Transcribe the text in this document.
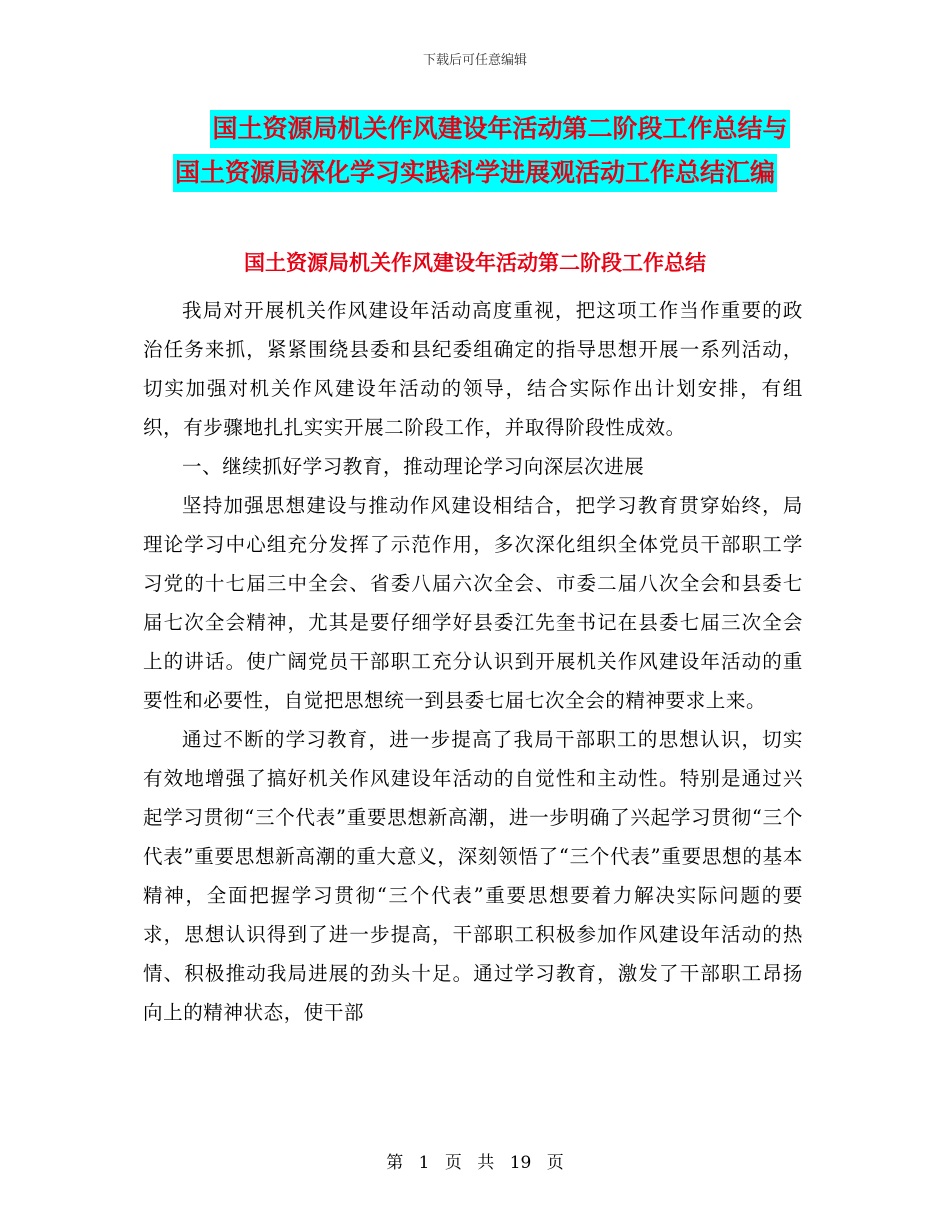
下载后可任意编辑
国土资源局机关作风建设年活动第二阶段工作总结与
国土资源局深化学习实践科学进展观活动工作总结汇编
国土资源局机关作风建设年活动第二阶段工作总结

我局对开展机关作风建设年活动高度重视，把这项工作当作重要的政治任务来抓，紧紧围绕县委和县纪委组确定的指导思想开展一系列活动，切实加强对机关作风建设年活动的领导，结合实际作出计划安排，有组织，有步骤地扎扎实实开展二阶段工作，并取得阶段性成效。

一、继续抓好学习教育，推动理论学习向深层次进展

坚持加强思想建设与推动作风建设相结合，把学习教育贯穿始终，局理论学习中心组充分发挥了示范作用，多次深化组织全体党员干部职工学习党的十七届三中全会、省委八届六次全会、市委二届八次全会和县委七届七次全会精神，尤其是要仔细学好县委江先奎书记在县委七届三次全会上的讲话。使广阔党员干部职工充分认识到开展机关作风建设年活动的重要性和必要性，自觉把思想统一到县委七届七次全会的精神要求上来。

通过不断的学习教育，进一步提高了我局干部职工的思想认识，切实有效地增强了搞好机关作风建设年活动的自觉性和主动性。特别是通过兴起学习贯彻“三个代表”重要思想新高潮，进一步明确了兴起学习贯彻“三个代表”重要思想新高潮的重大意义，深刻领悟了“三个代表”重要思想的基本精神，全面把握学习贯彻“三个代表”重要思想要着力解决实际问题的要求，思想认识得到了进一步提高，干部职工积极参加作风建设年活动的热情、积极推动我局进展的劲头十足。通过学习教育，激发了干部职工昂扬向上的精神状态，使干部

第 1 页 共 19 页
